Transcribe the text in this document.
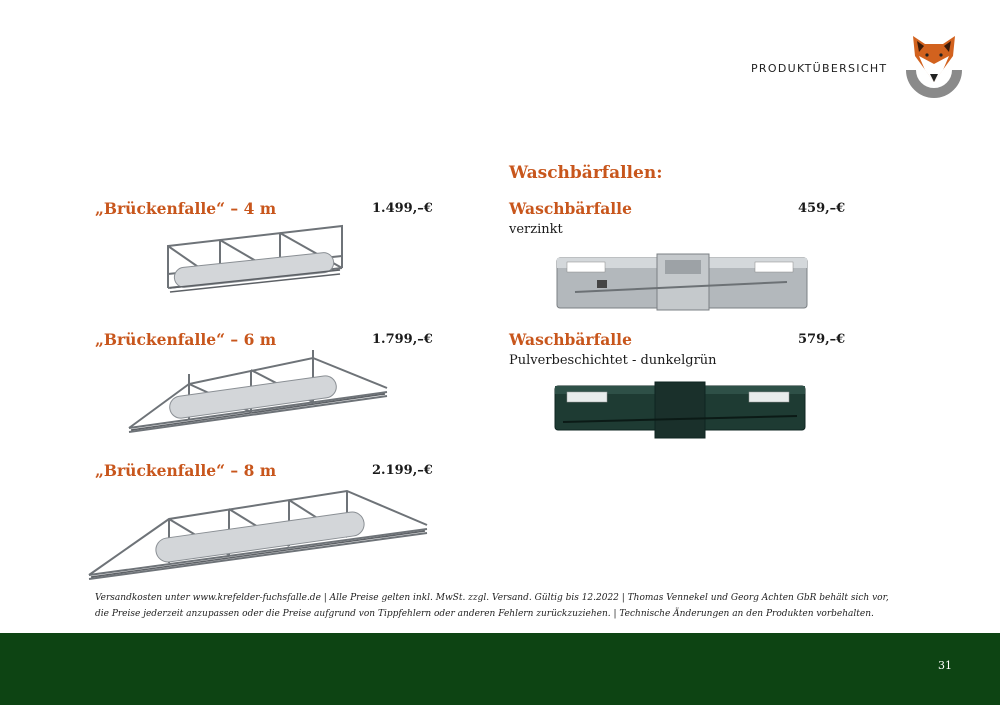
PRODUKTÜBERSICHT
„Brückenfalle“ – 4 m	1.499,–€
„Brückenfalle“ – 6 m	1.799,–€
„Brückenfalle“ – 8 m	2.199,–€
Waschbärfallen:
Waschbärfalle	459,–€
verzinkt
Waschbärfalle	579,–€
Pulverbeschichtet - dunkelgrün
Versandkosten unter www.krefelder-fuchsfalle.de | Alle Preise gelten inkl. MwSt. zzgl. Versand. Gültig bis 12.2022 | Thomas Vennekel und Georg Achten GbR behält sich vor, die Preise jederzeit anzupassen oder die Preise aufgrund von Tippfehlern oder anderen Fehlern zurückzuziehen. | Technische Änderungen an den Produkten vorbehalten.
31
